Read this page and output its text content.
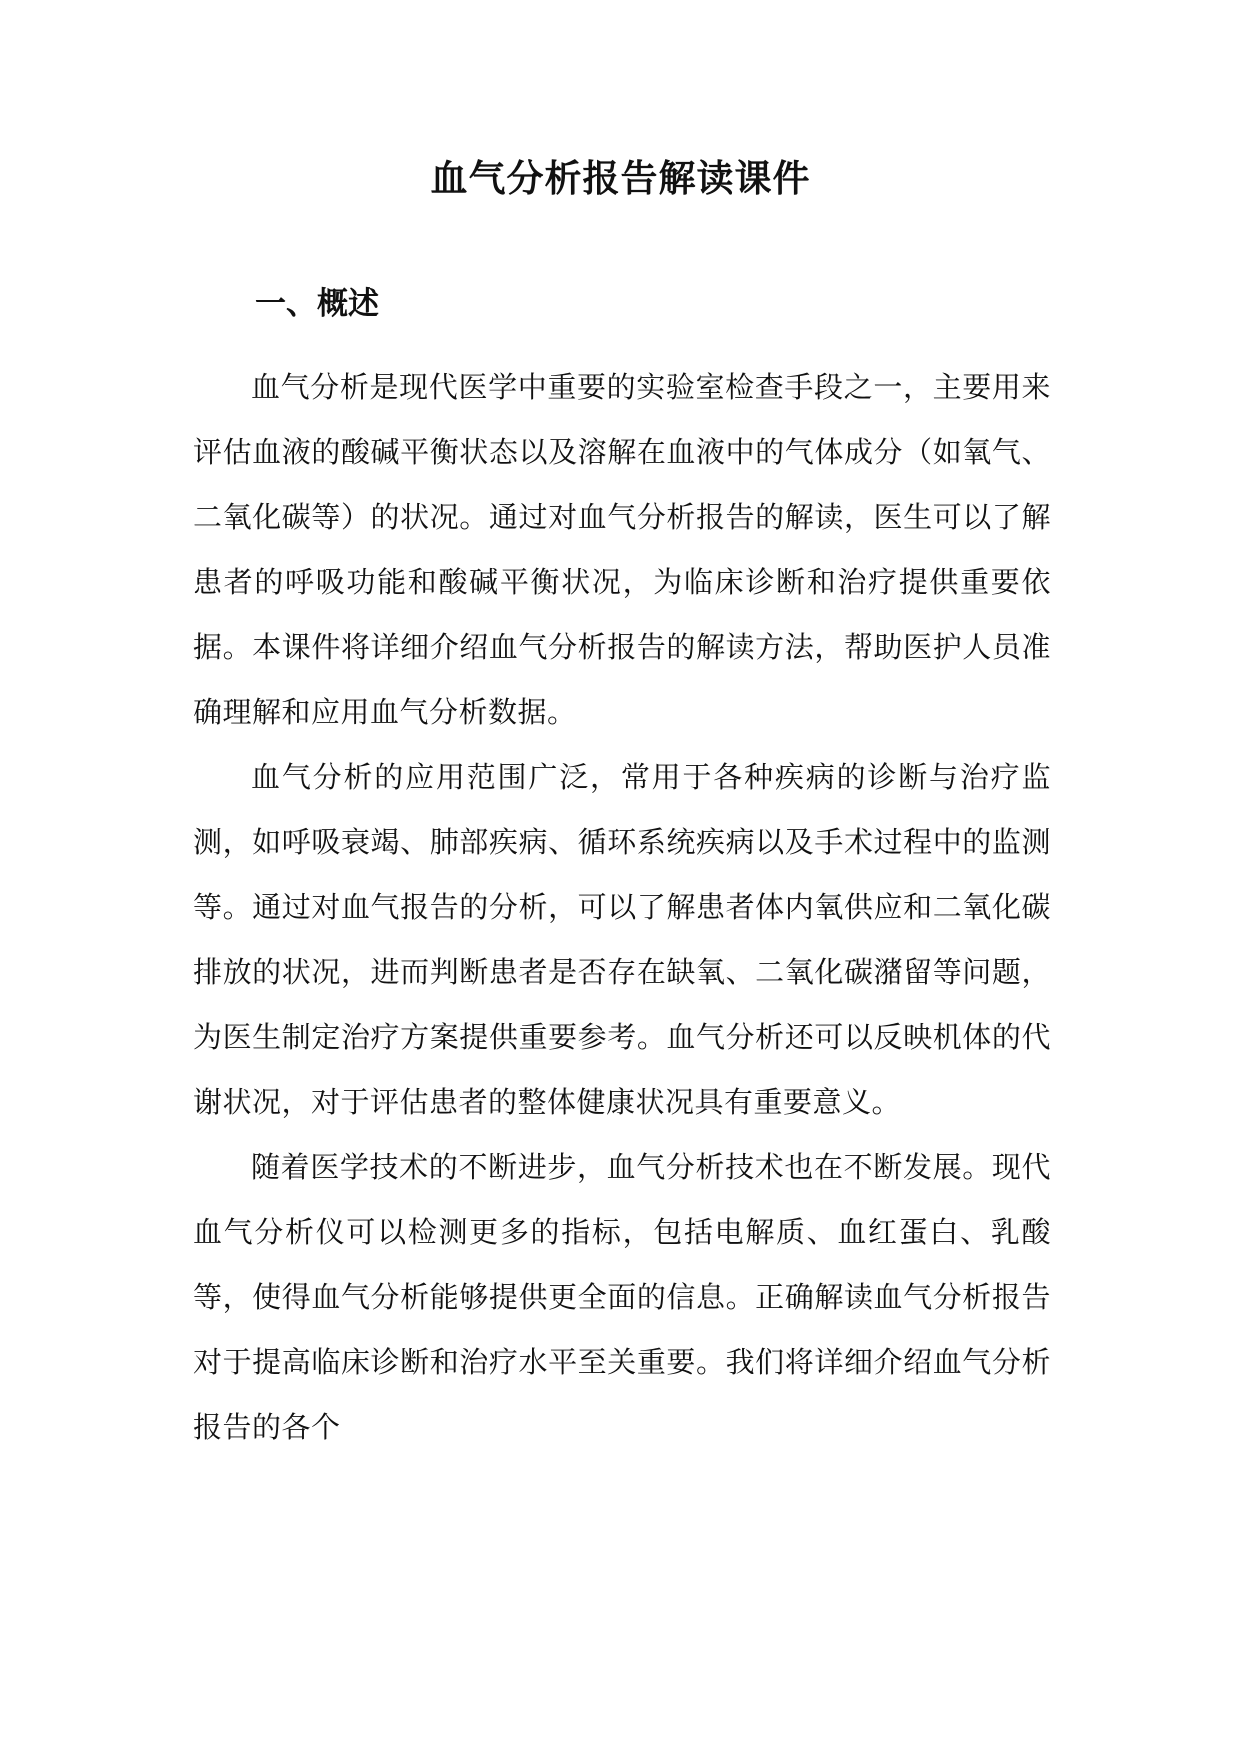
血气分析报告解读课件
一、概述

血气分析是现代医学中重要的实验室检查手段之一，主要用来评估血液的酸碱平衡状态以及溶解在血液中的气体成分（如氧气、二氧化碳等）的状况。通过对血气分析报告的解读，医生可以了解患者的呼吸功能和酸碱平衡状况，为临床诊断和治疗提供重要依据。本课件将详细介绍血气分析报告的解读方法，帮助医护人员准确理解和应用血气分析数据。

血气分析的应用范围广泛，常用于各种疾病的诊断与治疗监测，如呼吸衰竭、肺部疾病、循环系统疾病以及手术过程中的监测等。通过对血气报告的分析，可以了解患者体内氧供应和二氧化碳排放的状况，进而判断患者是否存在缺氧、二氧化碳潴留等问题，为医生制定治疗方案提供重要参考。血气分析还可以反映机体的代谢状况，对于评估患者的整体健康状况具有重要意义。

随着医学技术的不断进步，血气分析技术也在不断发展。现代血气分析仪可以检测更多的指标，包括电解质、血红蛋白、乳酸等，使得血气分析能够提供更全面的信息。正确解读血气分析报告对于提高临床诊断和治疗水平至关重要。我们将详细介绍血气分析报告的各个
